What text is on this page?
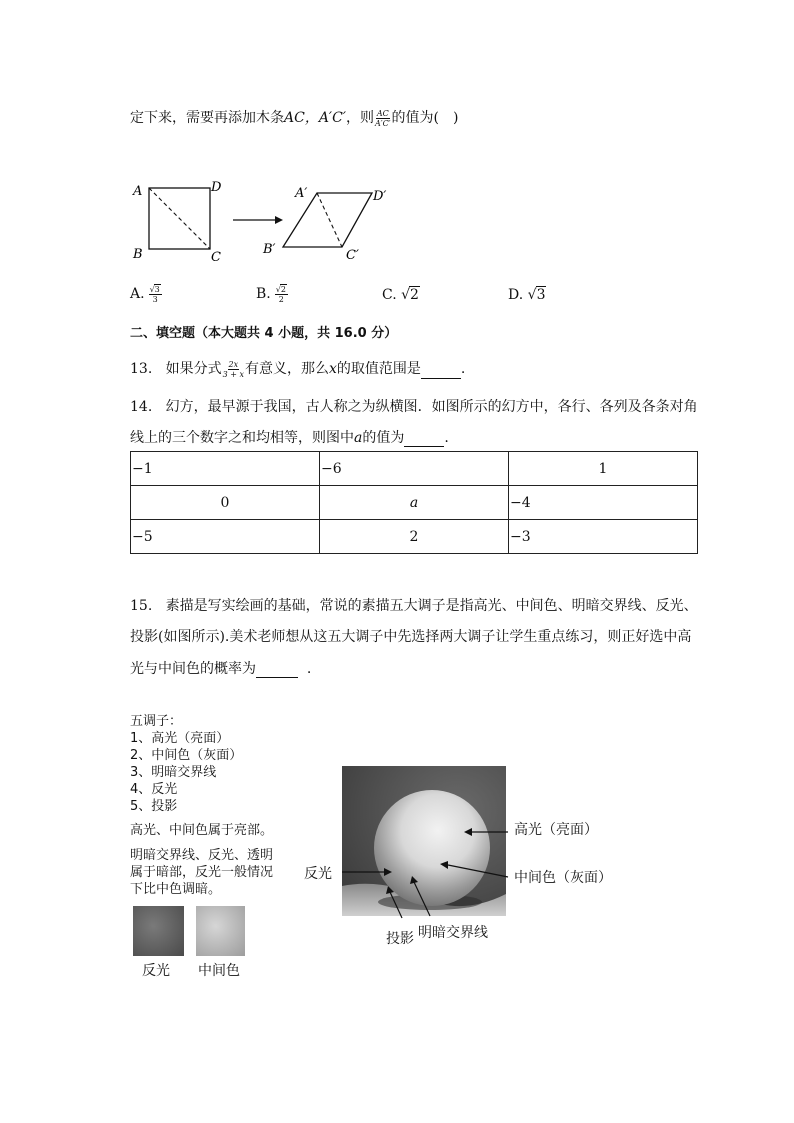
定下来，需要再添加木条AC，A′C′，则 $\frac{AC}{A'C'}$ 的值为(　)
A
B	C
D	A′
B′	C′
D′
A. $\frac{√3}{3}$	B. $\frac{√2}{2}$	C. √2	D. √3
二、填空题（本大题共 4 小题，共 16.0 分）
13. 如果分式 $\frac{2x}{3 + x}$ 有意义，那么x的取值范围是	.
14. 幻方，最早源于我国，古人称之为纵横图．如图所示的幻方中，各行、各列及各条对角
线上的三个数字之和均相等，则图中a的值为	.
−1	−6	1
0	a	−4
−5	2	−3
15. 素描是写实绘画的基础，常说的素描五大调子是指高光、中间色、明暗交界线、反光、
投影(如图所示).美术老师想从这五大调子中先选择两大调子让学生重点练习，则正好选中高
光与中间色的概率为	.
五调子：
1、高光（亮面）
2、中间色（灰面）
3、明暗交界线
4、反光
5、投影
高光、中间色属于亮部。
明暗交界线、反光、透明
属于暗部，反光一般情况
下比中色调暗。
反光 中间色
高光（亮面）
中间色（灰面）
反光
投影 明暗交界线
